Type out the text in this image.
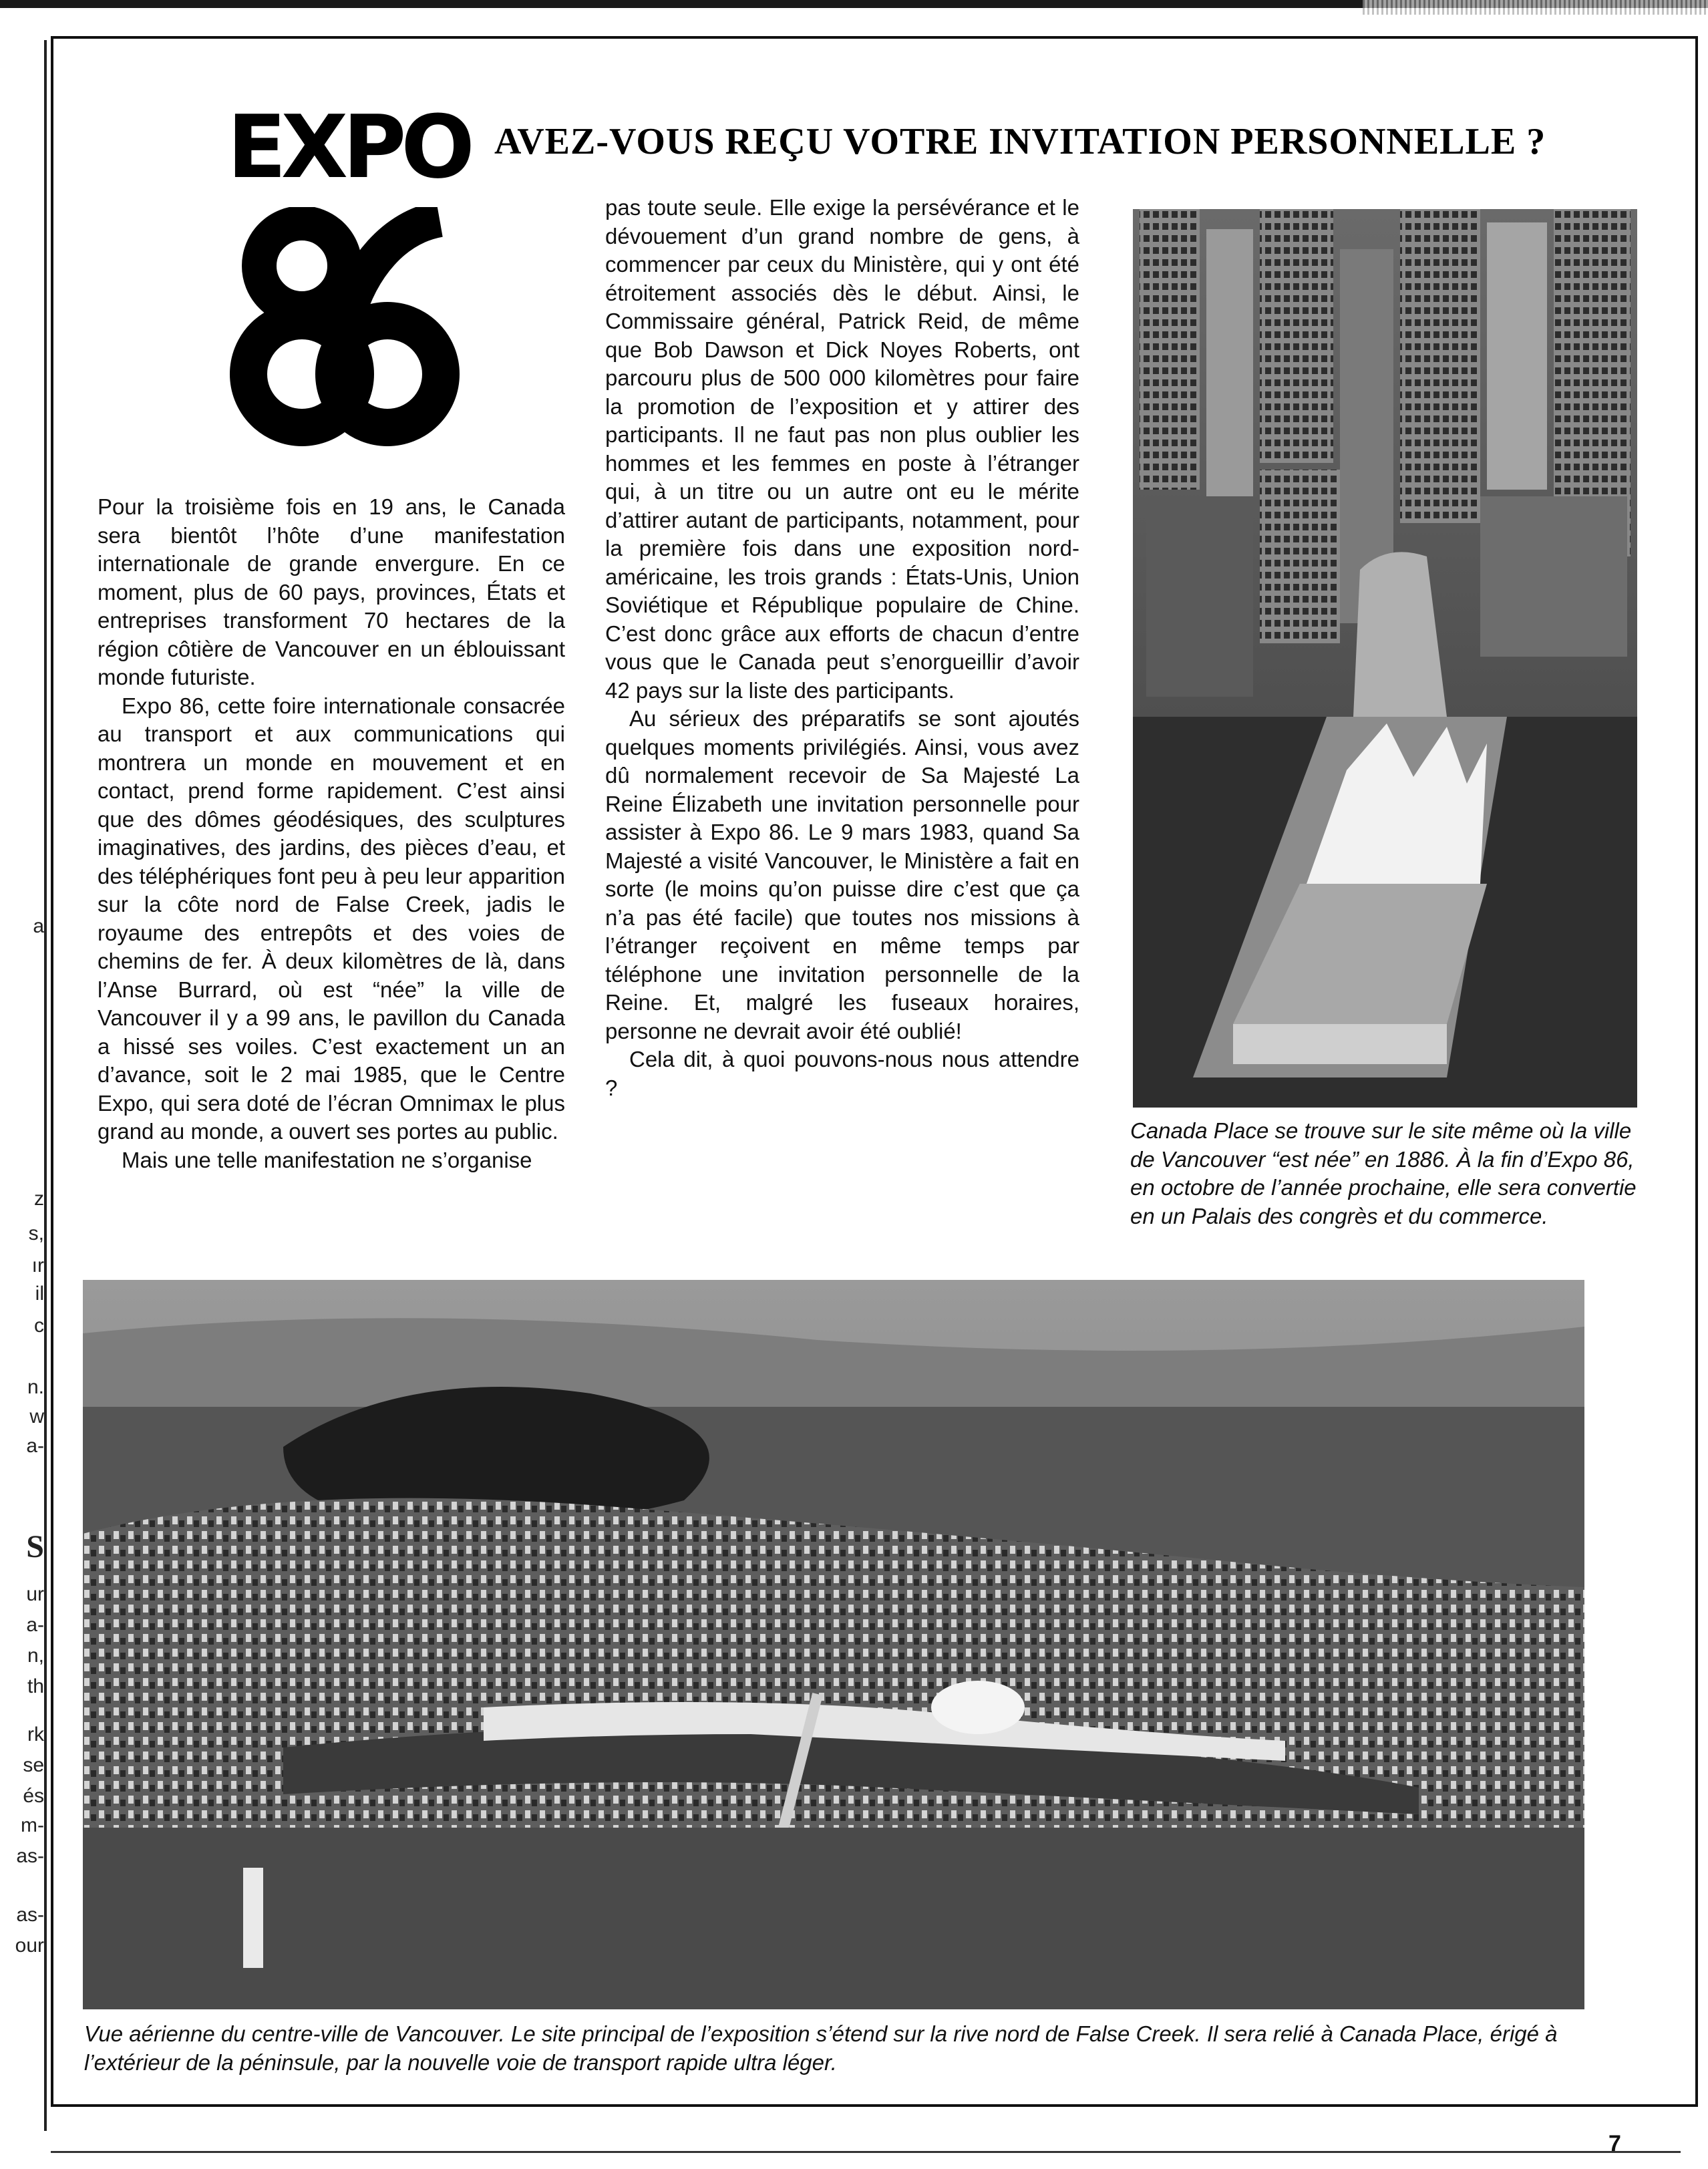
a
z
s,
ır
il
c
n.
w
a-
S
ur
a-
n,
th
rk
se
és
m-
as-
as-
our
EXPO AVEZ-VOUS REÇU VOTRE INVITATION PERSONNELLE ?

Pour la troisième fois en 19 ans, le Canada sera bientôt l’hôte d’une manifestation internationale de grande envergure. En ce moment, plus de 60 pays, provinces, États et entreprises transforment 70 hectares de la région côtière de Vancouver en un éblouissant monde futuriste.

Expo 86, cette foire internationale consacrée au transport et aux communications qui montrera un monde en mouvement et en contact, prend forme rapidement. C’est ainsi que des dômes géodésiques, des sculptures imaginatives, des jardins, des pièces d’eau, et des téléphériques font peu à peu leur apparition sur la côte nord de False Creek, jadis le royaume des entrepôts et des voies de chemins de fer. À deux kilomètres de là, dans l’Anse Burrard, où est “née” la ville de Vancouver il y a 99 ans, le pavillon du Canada a hissé ses voiles. C’est exactement un an d’avance, soit le 2 mai 1985, que le Centre Expo, qui sera doté de l’écran Omnimax le plus grand au monde, a ouvert ses portes au public.

Mais une telle manifestation ne s’organise

pas toute seule. Elle exige la persévérance et le dévouement d’un grand nombre de gens, à commencer par ceux du Ministère, qui y ont été étroitement associés dès le début. Ainsi, le Commissaire général, Patrick Reid, de même que Bob Dawson et Dick Noyes Roberts, ont parcouru plus de 500 000 kilomètres pour faire la promotion de l’exposition et y attirer des participants. Il ne faut pas non plus oublier les hommes et les femmes en poste à l’étranger qui, à un titre ou un autre ont eu le mérite d’attirer autant de participants, notamment, pour la première fois dans une exposition nord-américaine, les trois grands : États-Unis, Union Soviétique et République populaire de Chine. C’est donc grâce aux efforts de chacun d’entre vous que le Canada peut s’enorgueillir d’avoir 42 pays sur la liste des participants.

Au sérieux des préparatifs se sont ajoutés quelques moments privilégiés. Ainsi, vous avez dû normalement recevoir de Sa Majesté La Reine Élizabeth une invitation personnelle pour assister à Expo 86. Le 9 mars 1983, quand Sa Majesté a visité Vancouver, le Ministère a fait en sorte (le moins qu’on puisse dire c’est que ça n’a pas été facile) que toutes nos missions à l’étranger reçoivent en même temps par téléphone une invitation personnelle de la Reine. Et, malgré les fuseaux horaires, personne ne devrait avoir été oublié!

Cela dit, à quoi pouvons-nous nous attendre ?

Canada Place se trouve sur le site même où la ville de Vancouver “est née” en 1886. À la fin d’Expo 86, en octobre de l’année prochaine, elle sera convertie en un Palais des congrès et du commerce.

Vue aérienne du centre-ville de Vancouver. Le site principal de l’exposition s’étend sur la rive nord de False Creek. Il sera relié à Canada Place, érigé à l’extérieur de la péninsule, par la nouvelle voie de transport rapide ultra léger.

7
